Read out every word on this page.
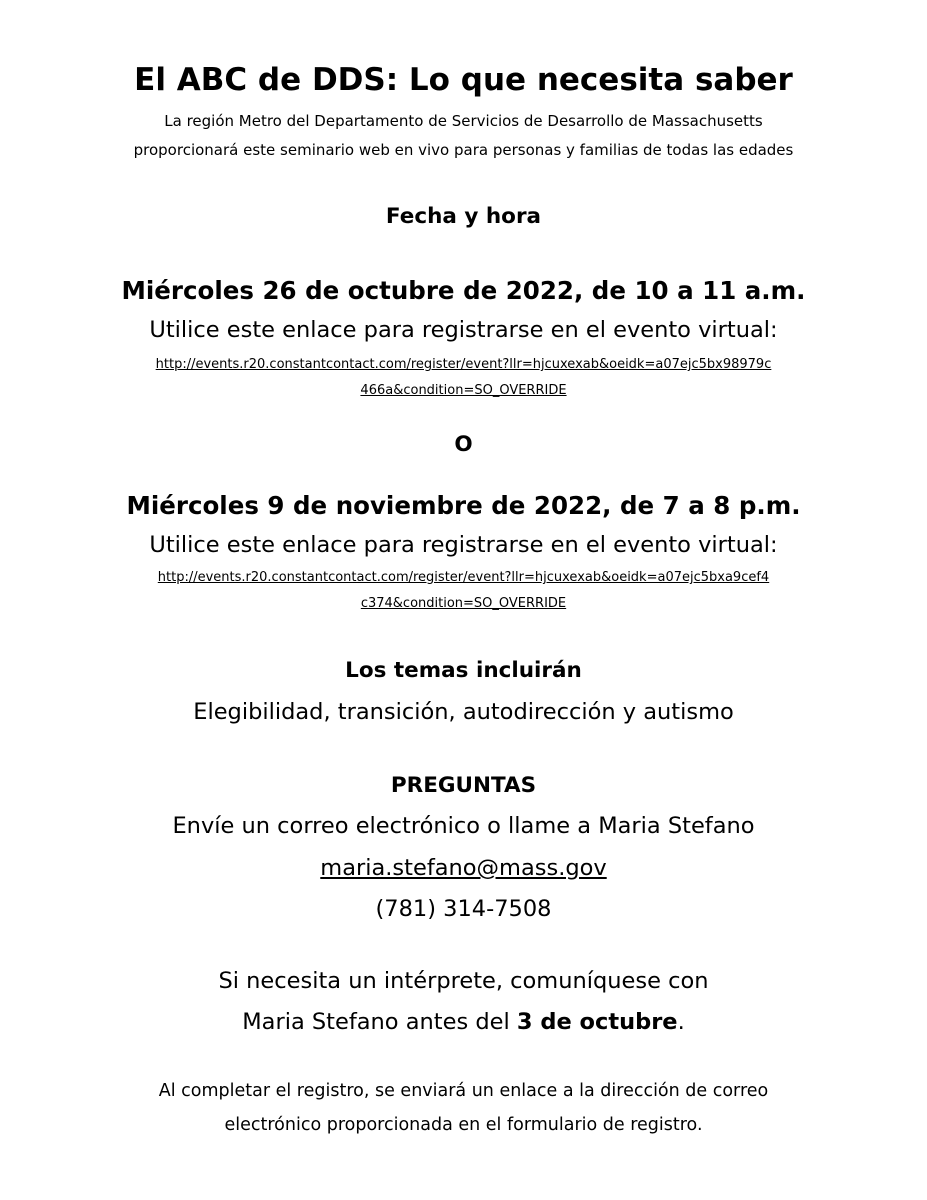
El ABC de DDS: Lo que necesita saber

La región Metro del Departamento de Servicios de Desarrollo de Massachusetts

proporcionará este seminario web en vivo para personas y familias de todas las edades

Fecha y hora

Miércoles 26 de octubre de 2022, de 10 a 11 a.m.

Utilice este enlace para registrarse en el evento virtual:

http://events.r20.constantcontact.com/register/event?llr=hjcuxexab&oeidk=a07ejc5bx98979c
466a&condition=SO_OVERRIDE

O

Miércoles 9 de noviembre de 2022, de 7 a 8 p.m.

Utilice este enlace para registrarse en el evento virtual:

http://events.r20.constantcontact.com/register/event?llr=hjcuxexab&oeidk=a07ejc5bxa9cef4
c374&condition=SO_OVERRIDE
Los temas incluirán

Elegibilidad, transición, autodirección y autismo

PREGUNTAS

Envíe un correo electrónico o llame a Maria Stefano

maria.stefano@mass.gov

(781) 314-7508

Si necesita un intérprete, comuníquese con

Maria Stefano antes del 3 de octubre.

Al completar el registro, se enviará un enlace a la dirección de correo

electrónico proporcionada en el formulario de registro.
